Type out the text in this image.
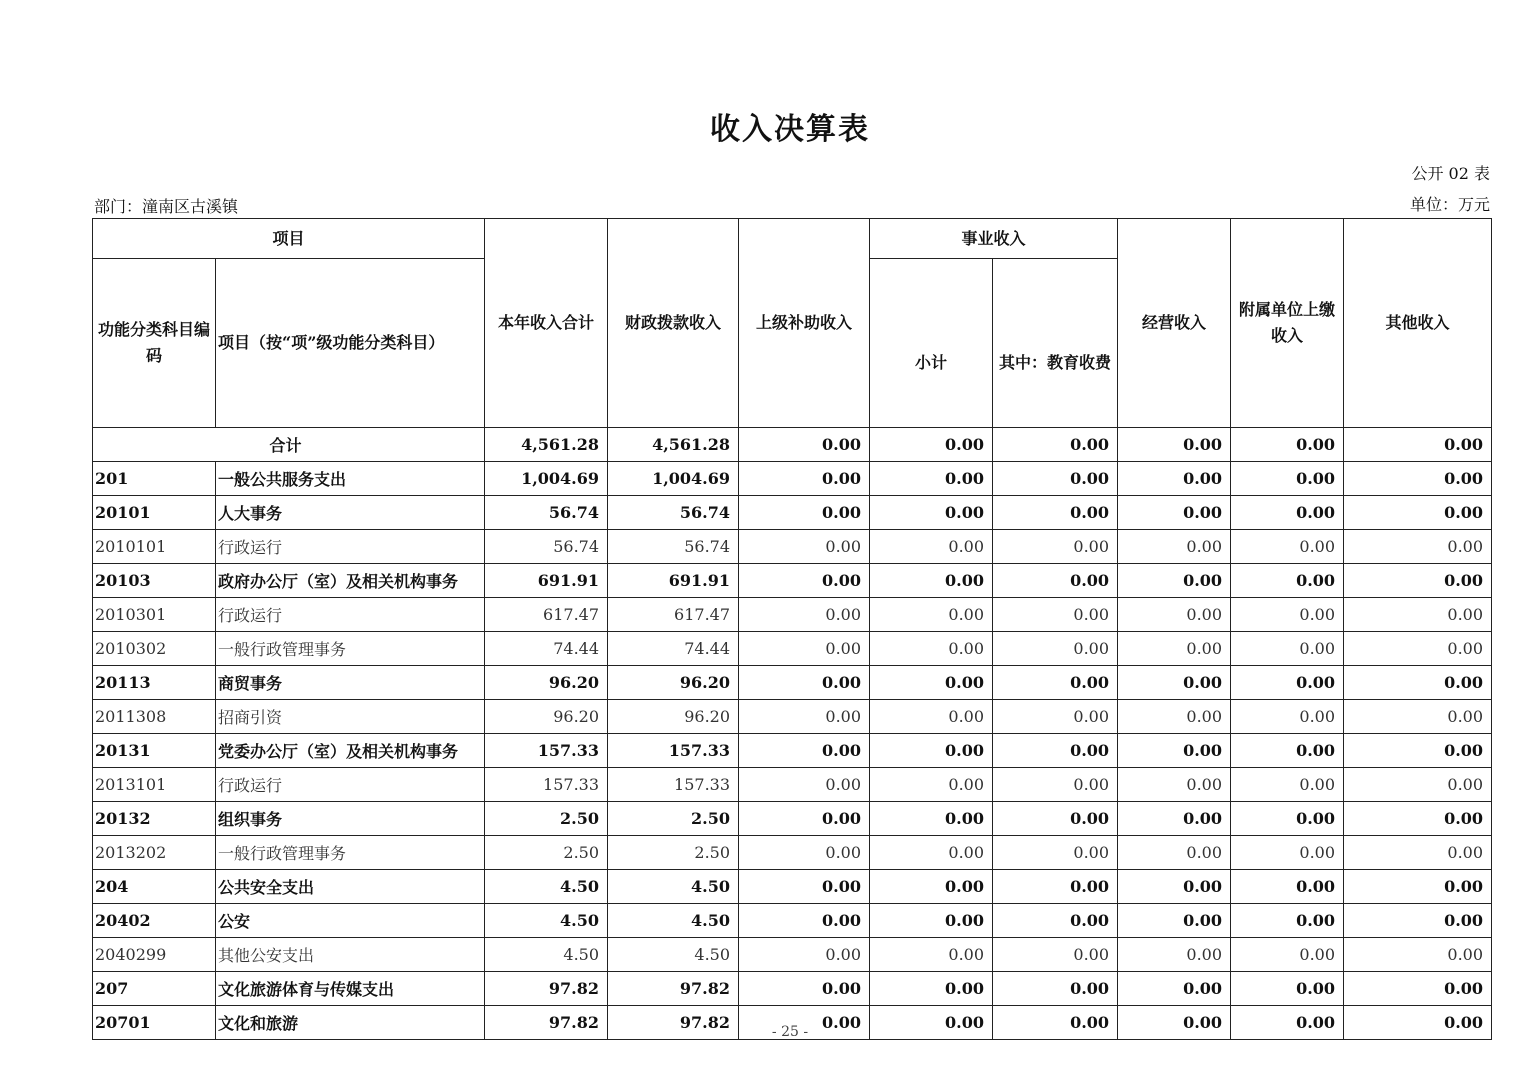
收入决算表
公开 02 表
部门：潼南区古溪镇	单位：万元
项目		本年收入合计	财政拨款收入	上级补助收入	事业收入		经营收入	附属单位上缴收入	其他收入
功能分类科目编码	项目（按“项”级功能分类科目）				小计	其中：教育收费			
合计		4,561.28	4,561.28	0.00	0.00	0.00	0.00	0.00	0.00
201	一般公共服务支出	1,004.69	1,004.69	0.00	0.00	0.00	0.00	0.00	0.00
20101	人大事务	56.74	56.74	0.00	0.00	0.00	0.00	0.00	0.00
2010101	行政运行	56.74	56.74	0.00	0.00	0.00	0.00	0.00	0.00
20103	政府办公厅（室）及相关机构事务	691.91	691.91	0.00	0.00	0.00	0.00	0.00	0.00
2010301	行政运行	617.47	617.47	0.00	0.00	0.00	0.00	0.00	0.00
2010302	一般行政管理事务	74.44	74.44	0.00	0.00	0.00	0.00	0.00	0.00
20113	商贸事务	96.20	96.20	0.00	0.00	0.00	0.00	0.00	0.00
2011308	招商引资	96.20	96.20	0.00	0.00	0.00	0.00	0.00	0.00
20131	党委办公厅（室）及相关机构事务	157.33	157.33	0.00	0.00	0.00	0.00	0.00	0.00
2013101	行政运行	157.33	157.33	0.00	0.00	0.00	0.00	0.00	0.00
20132	组织事务	2.50	2.50	0.00	0.00	0.00	0.00	0.00	0.00
2013202	一般行政管理事务	2.50	2.50	0.00	0.00	0.00	0.00	0.00	0.00
204	公共安全支出	4.50	4.50	0.00	0.00	0.00	0.00	0.00	0.00
20402	公安	4.50	4.50	0.00	0.00	0.00	0.00	0.00	0.00
2040299	其他公安支出	4.50	4.50	0.00	0.00	0.00	0.00	0.00	0.00
207	文化旅游体育与传媒支出	97.82	97.82	0.00	0.00	0.00	0.00	0.00	0.00
20701	文化和旅游	97.82	97.82	0.00	0.00	0.00	0.00	0.00	0.00
- 25 -
